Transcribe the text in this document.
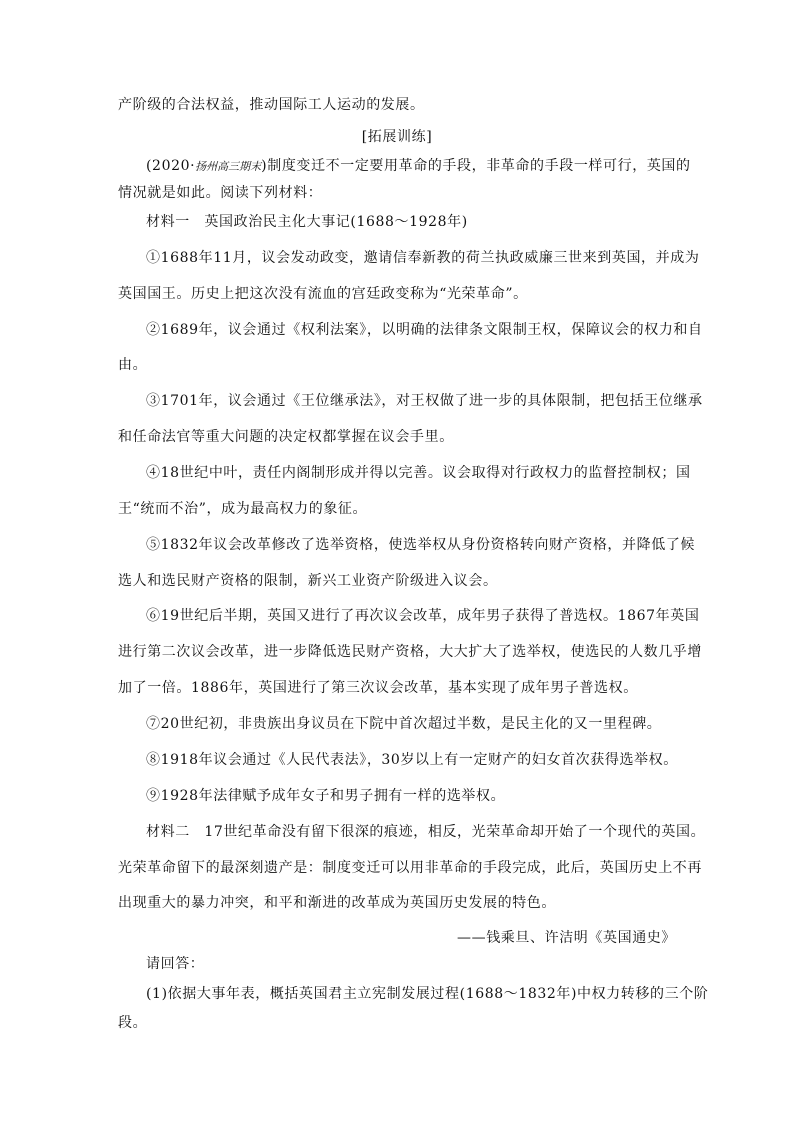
产阶级的合法权益，推动国际工人运动的发展。
[拓展训练]
(2020·扬州高三期末)制度变迁不一定要用革命的手段，非革命的手段一样可行，英国的
情况就是如此。阅读下列材料：
材料一　英国政治民主化大事记(1688～1928年)
①1688年11月，议会发动政变，邀请信奉新教的荷兰执政威廉三世来到英国，并成为
英国国王。历史上把这次没有流血的宫廷政变称为“光荣革命”。
②1689年，议会通过《权利法案》，以明确的法律条文限制王权，保障议会的权力和自
由。
③1701年，议会通过《王位继承法》，对王权做了进一步的具体限制，把包括王位继承
和任命法官等重大问题的决定权都掌握在议会手里。
④18世纪中叶，责任内阁制形成并得以完善。议会取得对行政权力的监督控制权；国
王“统而不治”，成为最高权力的象征。
⑤1832年议会改革修改了选举资格，使选举权从身份资格转向财产资格，并降低了候
选人和选民财产资格的限制，新兴工业资产阶级进入议会。
⑥19世纪后半期，英国又进行了再次议会改革，成年男子获得了普选权。1867年英国
进行第二次议会改革，进一步降低选民财产资格，大大扩大了选举权，使选民的人数几乎增
加了一倍。1886年，英国进行了第三次议会改革，基本实现了成年男子普选权。
⑦20世纪初，非贵族出身议员在下院中首次超过半数，是民主化的又一里程碑。
⑧1918年议会通过《人民代表法》，30岁以上有一定财产的妇女首次获得选举权。
⑨1928年法律赋予成年女子和男子拥有一样的选举权。
材料二　17世纪革命没有留下很深的痕迹，相反，光荣革命却开始了一个现代的英国。
光荣革命留下的最深刻遗产是：制度变迁可以用非革命的手段完成，此后，英国历史上不再
出现重大的暴力冲突，和平和渐进的改革成为英国历史发展的特色。
——钱乘旦、许洁明《英国通史》
请回答：
(1)依据大事年表，概括英国君主立宪制发展过程(1688～1832年)中权力转移的三个阶
段。
